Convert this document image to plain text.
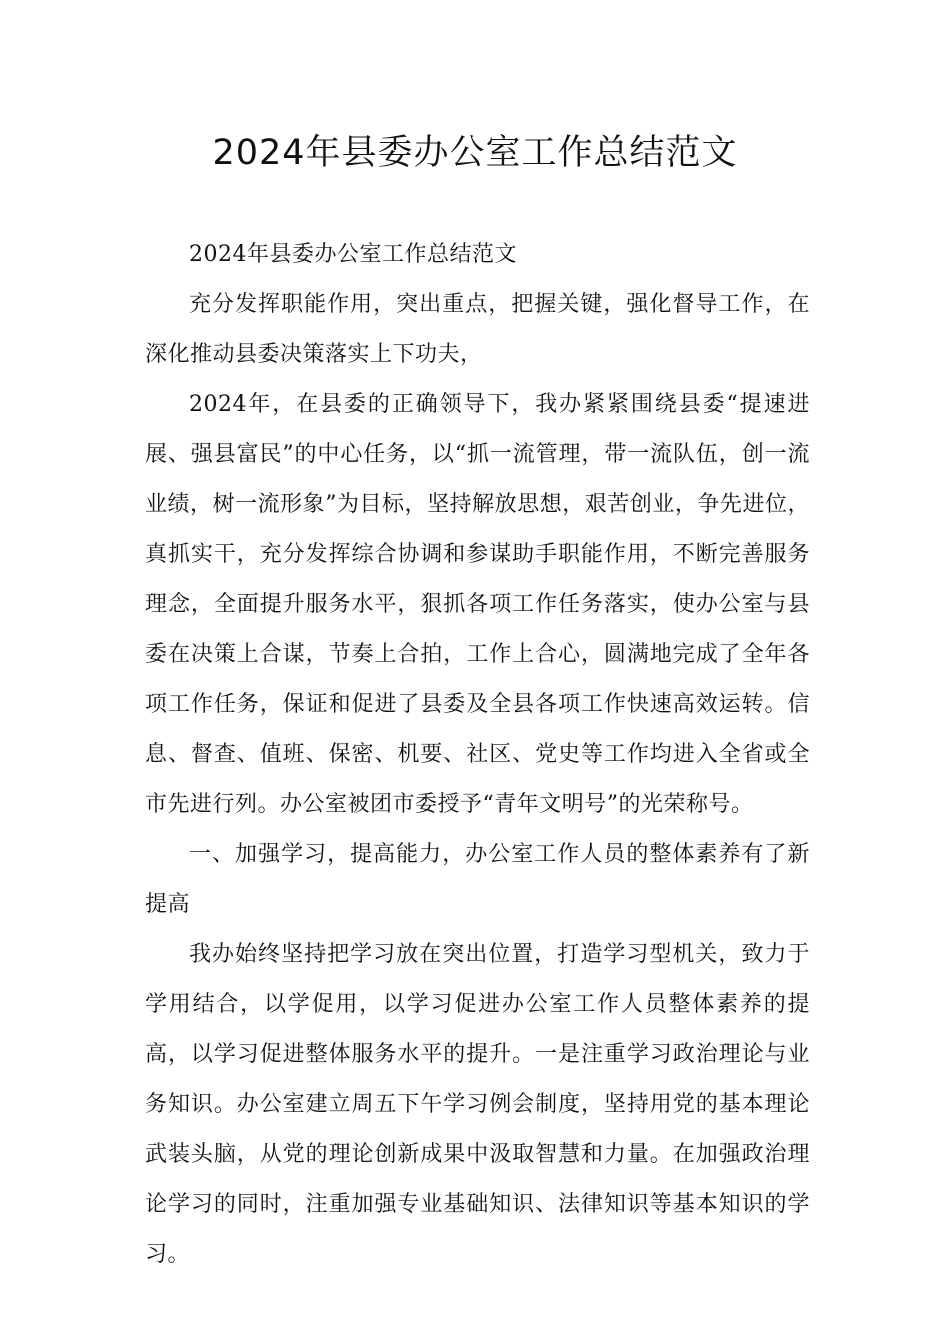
2024年县委办公室工作总结范文

2024年县委办公室工作总结范文

充分发挥职能作用，突出重点，把握关键，强化督导工作，在深化推动县委决策落实上下功夫，

2024年，在县委的正确领导下，我办紧紧围绕县委“提速进展、强县富民”的中心任务，以“抓一流管理，带一流队伍，创一流业绩，树一流形象”为目标，坚持解放思想，艰苦创业，争先进位，真抓实干，充分发挥综合协调和参谋助手职能作用，不断完善服务理念，全面提升服务水平，狠抓各项工作任务落实，使办公室与县委在决策上合谋，节奏上合拍，工作上合心，圆满地完成了全年各项工作任务，保证和促进了县委及全县各项工作快速高效运转。信息、督查、值班、保密、机要、社区、党史等工作均进入全省或全市先进行列。办公室被团市委授予“青年文明号”的光荣称号。

一、加强学习，提高能力，办公室工作人员的整体素养有了新提高

我办始终坚持把学习放在突出位置，打造学习型机关，致力于学用结合，以学促用，以学习促进办公室工作人员整体素养的提高，以学习促进整体服务水平的提升。一是注重学习政治理论与业务知识。办公室建立周五下午学习例会制度，坚持用党的基本理论武装头脑，从党的理论创新成果中汲取智慧和力量。在加强政治理论学习的同时，注重加强专业基础知识、法律知识等基本知识的学习。
